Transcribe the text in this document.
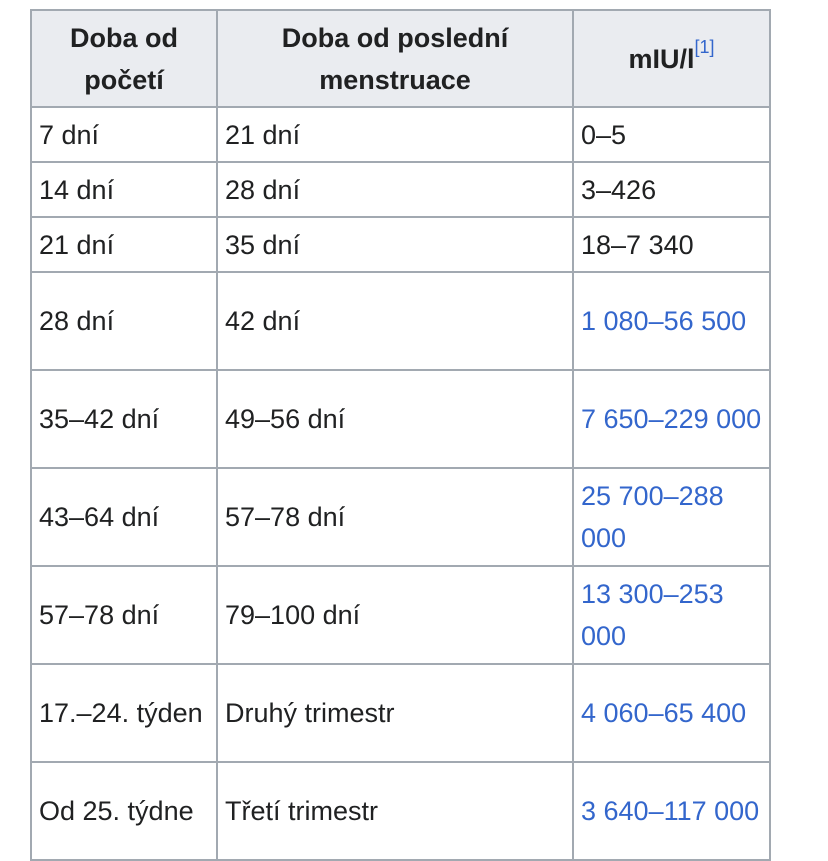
Doba od početí	Doba od poslední menstruace	mIU/l[1]
7 dní	21 dní	0–5
14 dní	28 dní	3–426
21 dní	35 dní	18–7 340
28 dní	42 dní	1 080–56 500
35–42 dní	49–56 dní	7 650–229 000
43–64 dní	57–78 dní	25 700–288 000
57–78 dní	79–100 dní	13 300–253 000
17.–24. týden	Druhý trimestr	4 060–65 400
Od 25. týdne	Třetí trimestr	3 640–117 000
